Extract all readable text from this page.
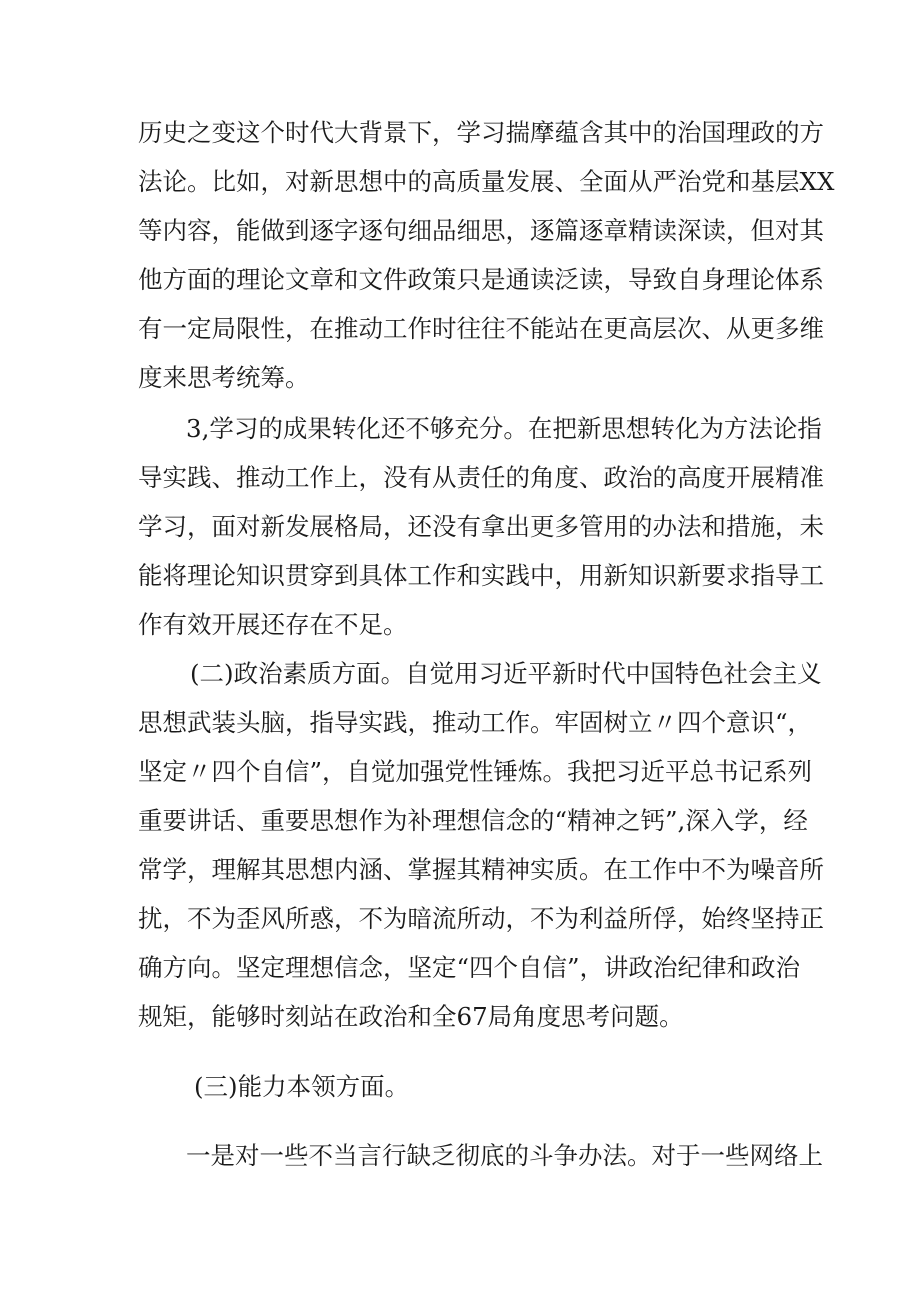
历史之变这个时代大背景下，学习揣摩蕴含其中的治国理政的方
法论。比如，对新思想中的高质量发展、全面从严治党和基层XX
等内容，能做到逐字逐句细品细思，逐篇逐章精读深读，但对其
他方面的理论文章和文件政策只是通读泛读，导致自身理论体系
有一定局限性，在推动工作时往往不能站在更高层次、从更多维
度来思考统筹。
3,学习的成果转化还不够充分。在把新思想转化为方法论指
导实践、推动工作上，没有从责任的角度、政治的高度开展精准
学习，面对新发展格局，还没有拿出更多管用的办法和措施，未
能将理论知识贯穿到具体工作和实践中，用新知识新要求指导工
作有效开展还存在不足。
(二)政治素质方面。自觉用习近平新时代中国特色社会主义
思想武装头脑，指导实践，推动工作。牢固树立〃四个意识“，
坚定〃四个自信”，自觉加强党性锤炼。我把习近平总书记系列
重要讲话、重要思想作为补理想信念的“精神之钙”,深入学，经
常学，理解其思想内涵、掌握其精神实质。在工作中不为噪音所
扰，不为歪风所惑，不为暗流所动，不为利益所俘，始终坚持正
确方向。坚定理想信念，坚定“四个自信”，讲政治纪律和政治
规矩，能够时刻站在政治和全67局角度思考问题。
(三)能力本领方面。
一是对一些不当言行缺乏彻底的斗争办法。对于一些网络上
